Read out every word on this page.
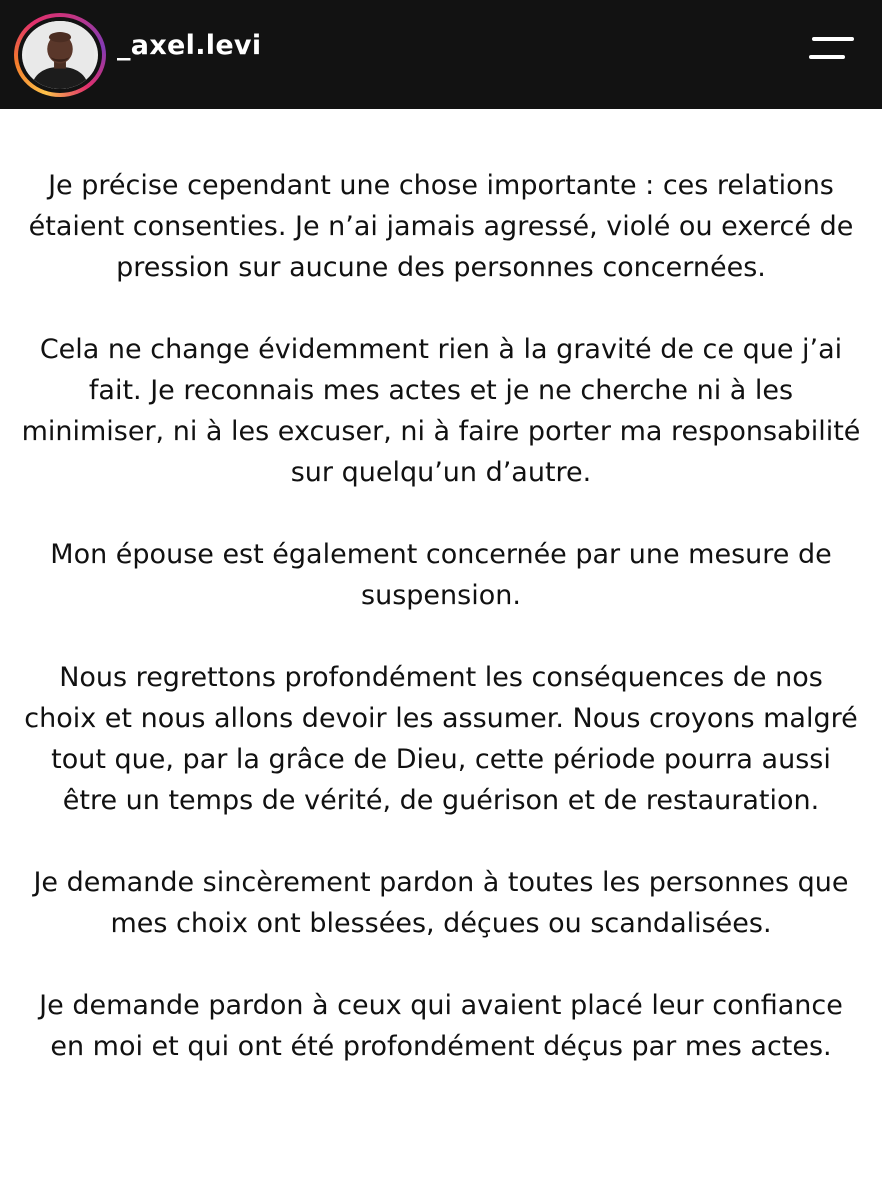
_axel.levi

Je précise cependant une chose importante : ces relations étaient consenties. Je n’ai jamais agressé, violé ou exercé de pression sur aucune des personnes concernées.

Cela ne change évidemment rien à la gravité de ce que j’ai fait. Je reconnais mes actes et je ne cherche ni à les minimiser, ni à les excuser, ni à faire porter ma responsabilité sur quelqu’un d’autre.

Mon épouse est également concernée par une mesure de suspension.

Nous regrettons profondément les conséquences de nos choix et nous allons devoir les assumer. Nous croyons malgré tout que, par la grâce de Dieu, cette période pourra aussi être un temps de vérité, de guérison et de restauration.

Je demande sincèrement pardon à toutes les personnes que mes choix ont blessées, déçues ou scandalisées.

Je demande pardon à ceux qui avaient placé leur confiance en moi et qui ont été profondément déçus par mes actes.
